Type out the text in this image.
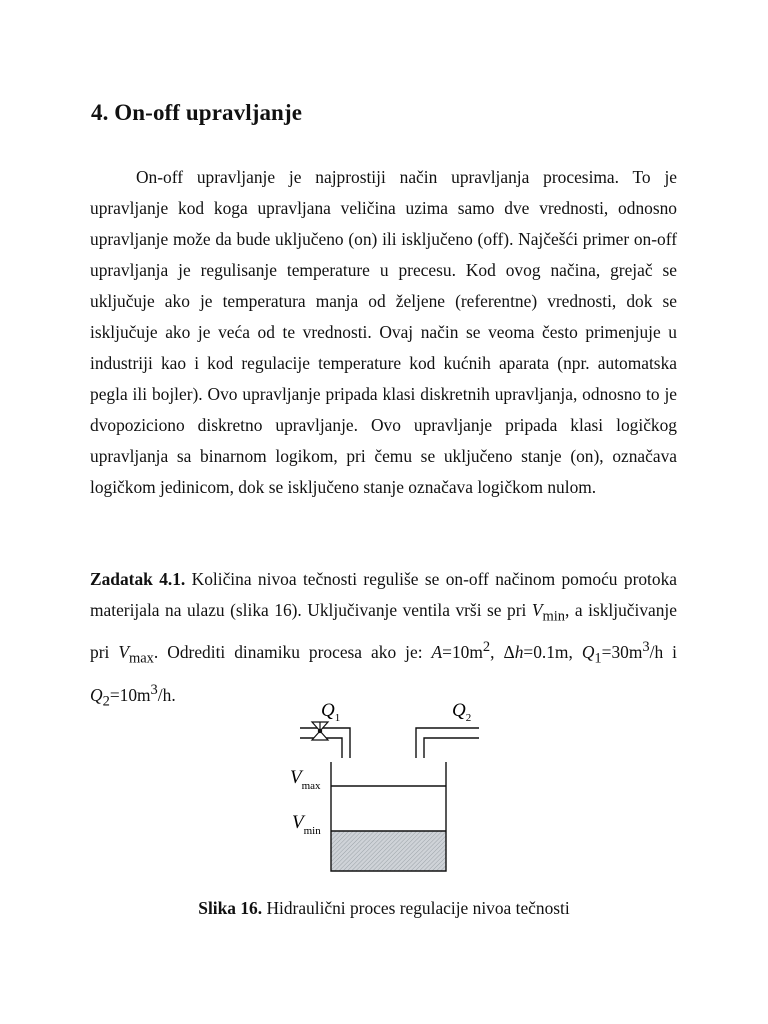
4. On-off upravljanje

On-off upravljanje je najprostiji način upravljanja procesima. To je upravljanje kod koga upravljana veličina uzima samo dve vrednosti, odnosno upravljanje može da bude uključeno (on) ili isključeno (off). Najčešći primer on-off upravljanja je regulisanje temperature u precesu. Kod ovog načina, grejač se uključuje ako je temperatura manja od željene (referentne) vrednosti, dok se isključuje ako je veća od te vrednosti. Ovaj način se veoma često primenjuje u industriji kao i kod regulacije temperature kod kućnih aparata (npr. automatska pegla ili bojler). Ovo upravljanje pripada klasi diskretnih upravljanja, odnosno to je dvopoziciono diskretno upravljanje. Ovo upravljanje pripada klasi logičkog upravljanja sa binarnom logikom, pri čemu se uključeno stanje (on), označava logičkom jedinicom, dok se isključeno stanje označava logičkom nulom.

Zadatak 4.1. Količina nivoa tečnosti reguliše se on-off načinom pomoću protoka materijala na ulazu (slika 16). Uključivanje ventila vrši se pri $V_{min}$, a isključivanje pri $V_{max}$. Odrediti dinamiku procesa ako je: $A=10m^2$, Δh=0.1m, $Q_1=30m^3/h$ i $Q_2=10m^3/h$.

$Q_1$	$Q_2$
$V_{max}$
$V_{min}$

Slika 16. Hidraulični proces regulacije nivoa tečnosti
